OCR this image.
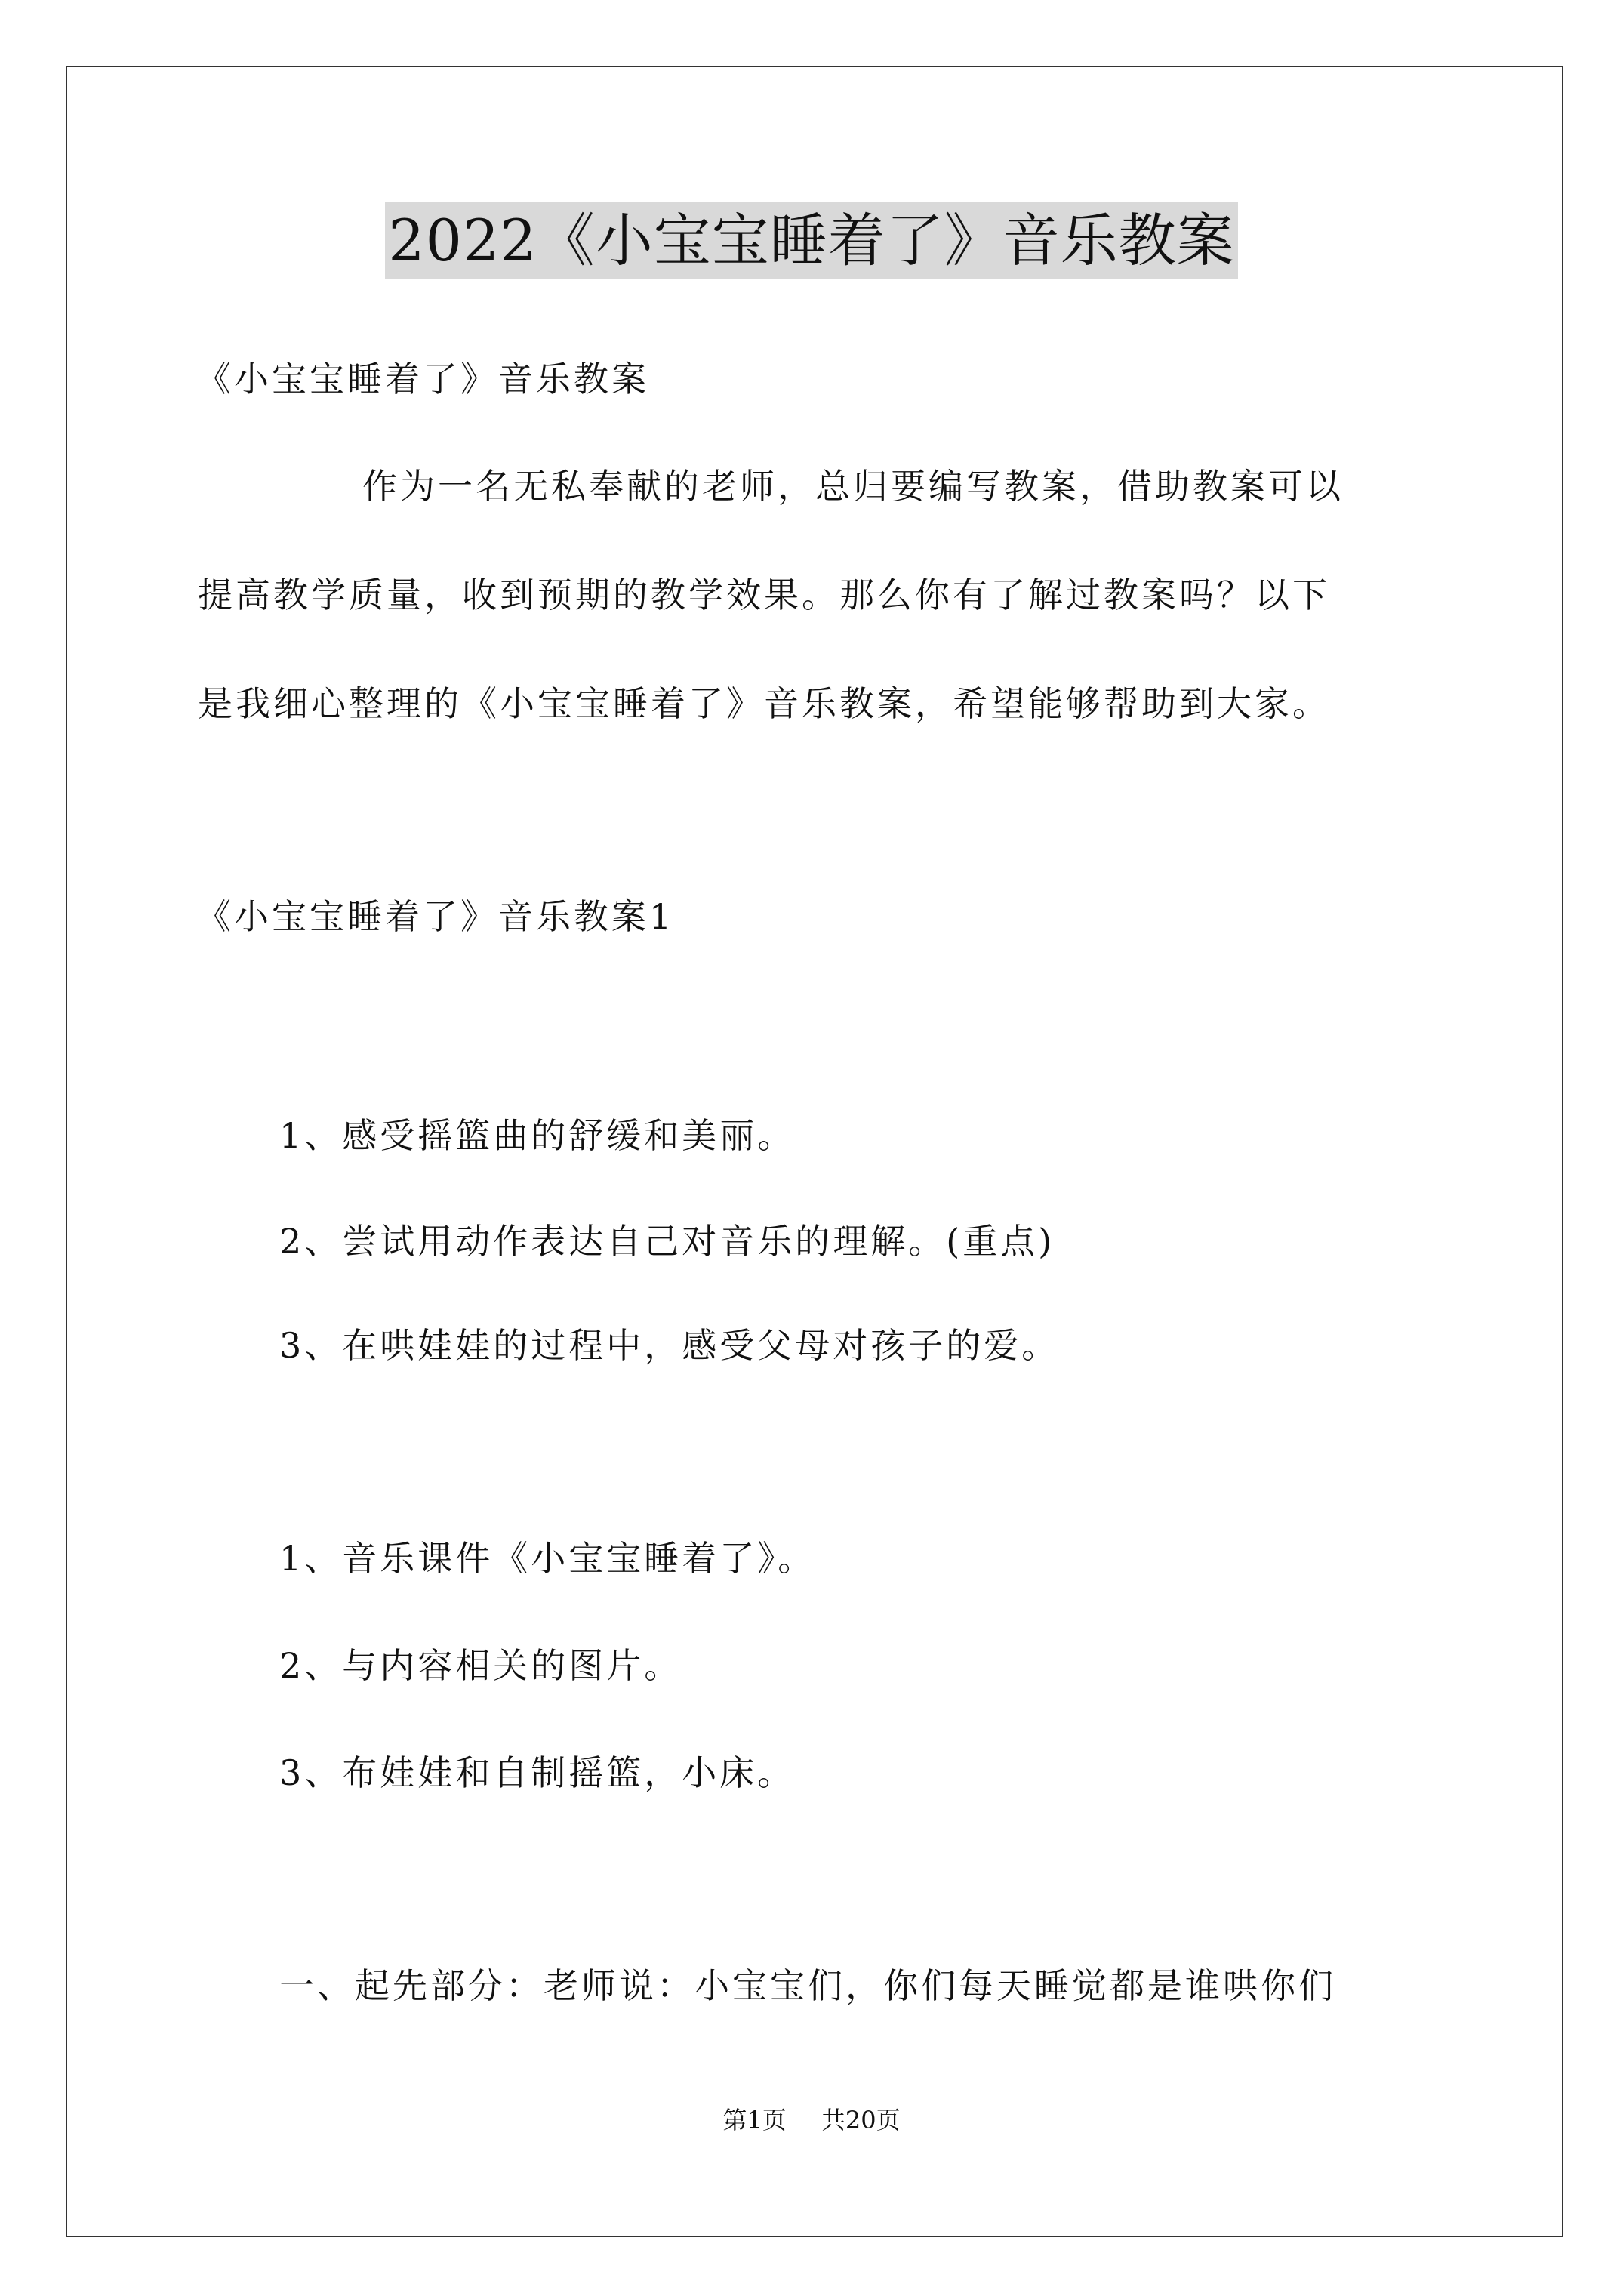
2022《小宝宝睡着了》音乐教案
《小宝宝睡着了》音乐教案
作为一名无私奉献的老师，总归要编写教案，借助教案可以
提高教学质量，收到预期的教学效果。那么你有了解过教案吗？以下
是我细心整理的《小宝宝睡着了》音乐教案，希望能够帮助到大家。
《小宝宝睡着了》音乐教案1
1、感受摇篮曲的舒缓和美丽。
2、尝试用动作表达自己对音乐的理解。(重点)
3、在哄娃娃的过程中，感受父母对孩子的爱。
1、音乐课件《小宝宝睡着了》。
2、与内容相关的图片。
3、布娃娃和自制摇篮，小床。
一、起先部分：老师说：小宝宝们，你们每天睡觉都是谁哄你们
第1页 共20页
